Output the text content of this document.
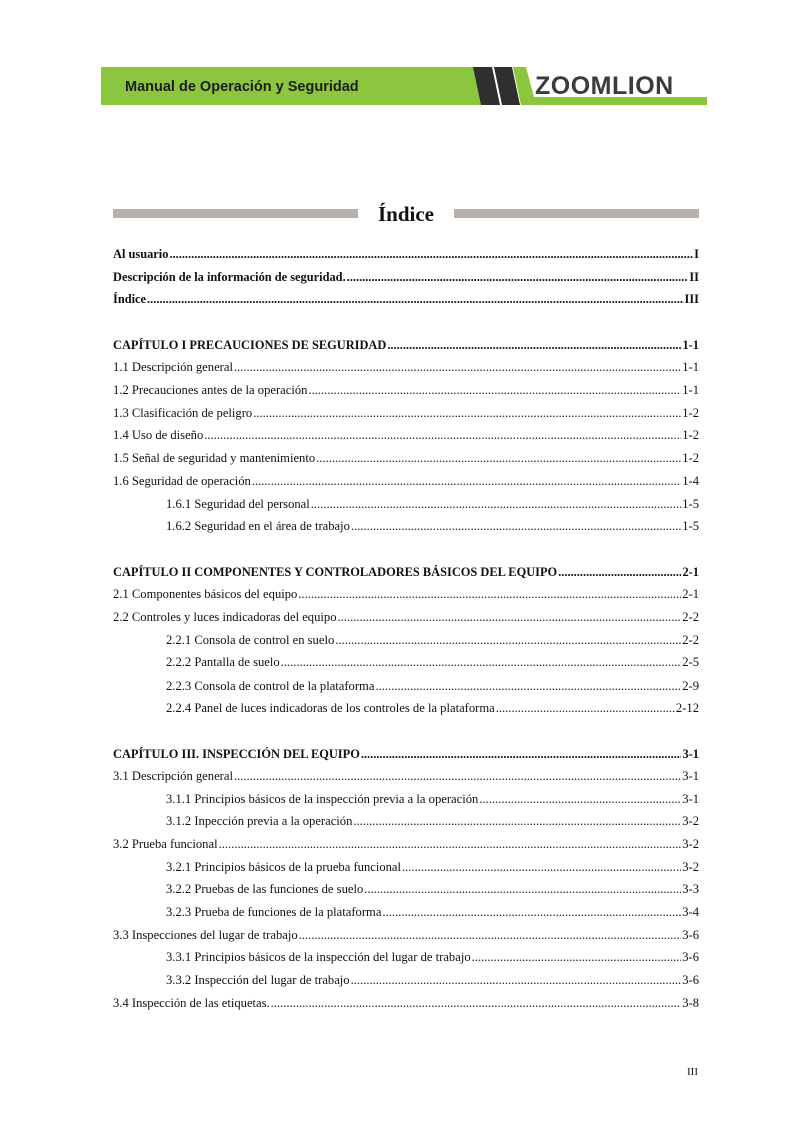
Manual de Operación y Seguridad	ZOOMLION
Índice
Al usuario .....	I
Descripción de la información de seguridad. .....	II
Índice .....	III
CAPÍTULO I PRECAUCIONES DE SEGURIDAD .....	1-1
1.1 Descripción general .....	1-1
1.2 Precauciones antes de la operación .....	1-1
1.3 Clasificación de peligro .....	1-2
1.4 Uso de diseño .....	1-2
1.5 Señal de seguridad y mantenimiento .....	1-2
1.6 Seguridad de operación .....	1-4
1.6.1 Seguridad del personal .....	1-5
1.6.2 Seguridad en el área de trabajo .....	1-5
CAPÍTULO II COMPONENTES Y CONTROLADORES BÁSICOS DEL EQUIPO .....	2-1
2.1 Componentes básicos del equipo .....	2-1
2.2 Controles y luces indicadoras del equipo .....	2-2
2.2.1 Consola de control en suelo .....	2-2
2.2.2 Pantalla de suelo .....	2-5
2.2.3 Consola de control de la plataforma .....	2-9
2.2.4 Panel de luces indicadoras de los controles de la plataforma .....	2-12
CAPÍTULO III. INSPECCIÓN DEL EQUIPO .....	3-1
3.1 Descripción general .....	3-1
3.1.1 Principios básicos de la inspección previa a la operación .....	3-1
3.1.2 Inpección previa a la operación .....	3-2
3.2 Prueba funcional .....	3-2
3.2.1 Principios básicos de la prueba funcional .....	3-2
3.2.2 Pruebas de las funciones de suelo .....	3-3
3.2.3 Prueba de funciones de la plataforma .....	3-4
3.3 Inspecciones del lugar de trabajo .....	3-6
3.3.1 Principios básicos de la inspección del lugar de trabajo .....	3-6
3.3.2 Inspección del lugar de trabajo .....	3-6
3.4 Inspección de las etiquetas. .....	3-8
III
